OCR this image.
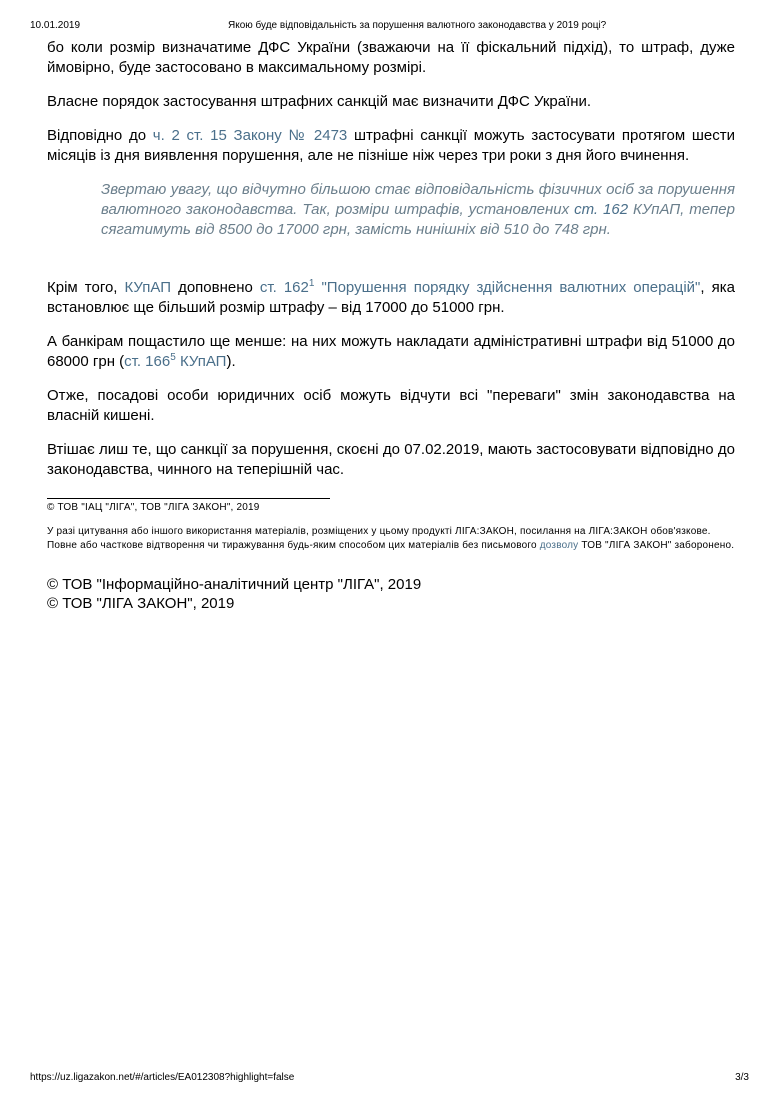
10.01.2019	Якою буде відповідальність за порушення валютного законодавства у 2019 році?

бо коли розмір визначатиме ДФС України (зважаючи на її фіскальний підхід), то штраф, дуже ймовірно, буде застосовано в максимальному розмірі.

Власне порядок застосування штрафних санкцій має визначити ДФС України.

Відповідно до ч. 2 ст. 15 Закону № 2473 штрафні санкції можуть застосувати протягом шести місяців із дня виявлення порушення, але не пізніше ніж через три роки з дня його вчинення.

Звертаю увагу, що відчутно більшою стає відповідальність фізичних осіб за порушення валютного законодавства. Так, розміри штрафів, установлених ст. 162 КУпАП, тепер сягатимуть від 8500 до 17000 грн, замість нинішніх від 510 до 748 грн.

Крім того, КУпАП доповнено ст. 162$^1$ "Порушення порядку здійснення валютних операцій", яка встановлює ще більший розмір штрафу – від 17000 до 51000 грн.

А банкірам пощастило ще менше: на них можуть накладати адміністративні штрафи від 51000 до 68000 грн (ст. 166$^5$ КУпАП).

Отже, посадові особи юридичних осіб можуть відчути всі "переваги" змін законодавства на власній кишені.

Втішає лиш те, що санкції за порушення, скоєні до 07.02.2019, мають застосовувати відповідно до законодавства, чинного на теперішній час.

© ТОВ "ІАЦ "ЛІГА", ТОВ "ЛІГА ЗАКОН", 2019

У разі цитування або іншого використання матеріалів, розміщених у цьому продукті ЛІГА:ЗАКОН, посилання на ЛІГА:ЗАКОН обов'язкове.

Повне або часткове відтворення чи тиражування будь-яким способом цих матеріалів без письмового дозволу ТОВ "ЛІГА ЗАКОН" заборонено.

© ТОВ "Інформаційно-аналітичний центр "ЛІГА", 2019

© ТОВ "ЛІГА ЗАКОН", 2019

https://uz.ligazakon.net/#/articles/EA012308?highlight=false	3/3
